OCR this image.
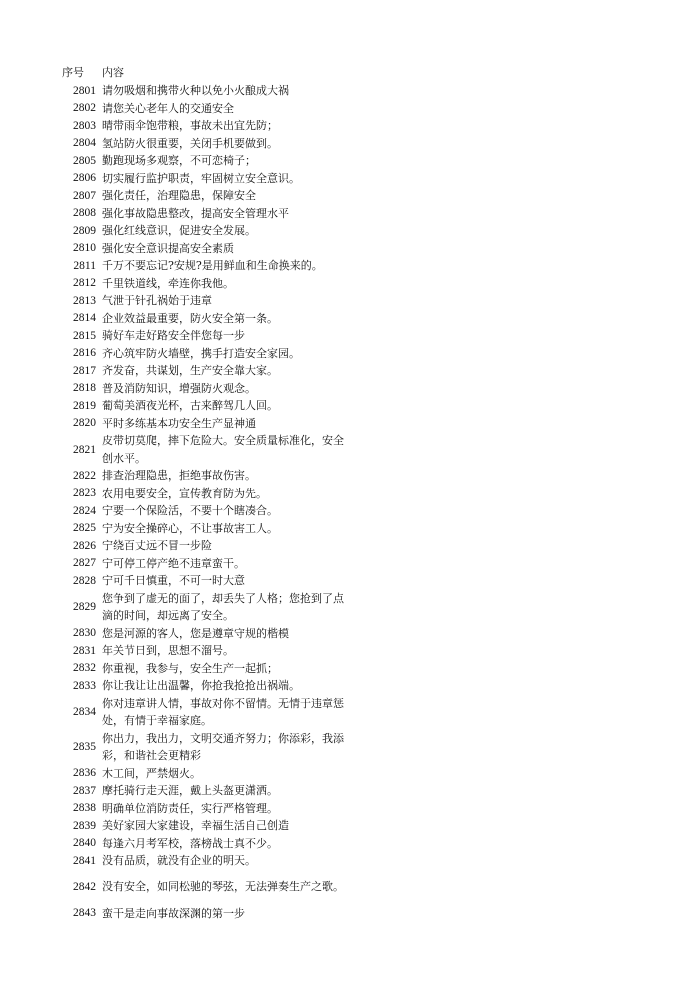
序号	内容
2801 请勿吸烟和携带火种以免小火酿成大祸
2802 请您关心老年人的交通安全
2803 晴带雨伞饱带粮，事故未出宜先防；
2804 氢站防火很重要，关闭手机要做到。
2805 勤跑现场多观察，不可恋椅子；
2806 切实履行监护职责，牢固树立安全意识。
2807 强化责任，治理隐患，保障安全
2808 强化事故隐患整改，提高安全管理水平
2809 强化红线意识，促进安全发展。
2810 强化安全意识提高安全素质
2811 千万不要忘记?安规?是用鲜血和生命换来的。
2812 千里铁道线，牵连你我他。
2813 气泄于针孔祸始于违章
2814 企业效益最重要，防火安全第一条。
2815 骑好车走好路安全伴您每一步
2816 齐心筑牢防火墙壁，携手打造安全家园。
2817 齐发奋，共谋划，生产安全靠大家。
2818 普及消防知识，增强防火观念。
2819 葡萄美酒夜光杯，古来醉驾几人回。
2820 平时多练基本功安全生产显神通
2821
皮带切莫爬，摔下危险大。安全质量标准化，安全创水平。
2822 排查治理隐患，拒绝事故伤害。
2823 农用电要安全，宣传教育防为先。
2824 宁要一个保险活，不要十个瞎凑合。
2825 宁为安全操碎心，不让事故害工人。
2826 宁绕百丈远不冒一步险
2827 宁可停工停产绝不违章蛮干。
2828 宁可千日慎重，不可一时大意
2829
您争到了虚无的面了，却丢失了人格；您抢到了点滴的时间，却远离了安全。
2830 您是河源的客人，您是遵章守规的楷模
2831 年关节日到，思想不溜号。
2832 你重视，我参与，安全生产一起抓；
2833 你让我让让出温馨，你抢我抢抢出祸端。
2834
你对违章讲人情，事故对你不留情。无情于违章惩处，有情于幸福家庭。
2835
你出力，我出力，文明交通齐努力；你添彩，我添彩，和谐社会更精彩
2836 木工间，严禁烟火。
2837 摩托骑行走天涯，戴上头盔更潇洒。
2838 明确单位消防责任，实行严格管理。
2839 美好家园大家建设，幸福生活自己创造
2840 每逢六月考军校，落榜战士真不少。
2841 没有品质，就没有企业的明天。
2842 没有安全，如同松驰的琴弦，无法弹奏生产之歌。
2843 蛮干是走向事故深渊的第一步
